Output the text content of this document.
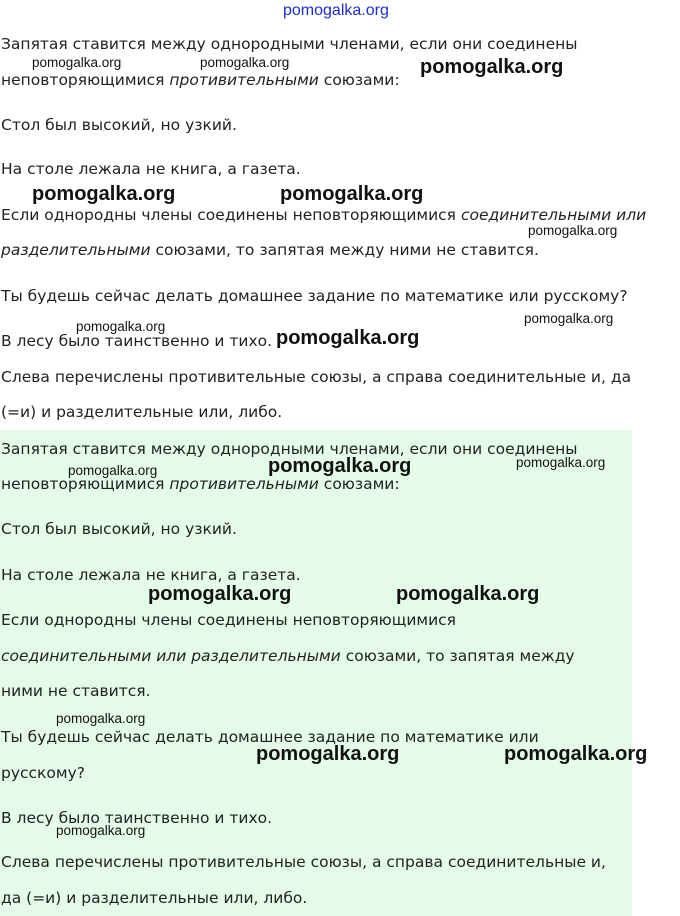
pomogalka.org

Запятая ставится между однородными членами, если они соединены

неповторяющимися противительными союзами:

Стол был высокий, но узкий.

На столе лежала не книга, а газета.

Если однородны члены соединены неповторяющимися соединительными или

разделительными союзами, то запятая между ними не ставится.

Ты будешь сейчас делать домашнее задание по математике или русскому?

В лесу было таинственно и тихо.

Слева перечислены противительные союзы, а справа соединительные и, да

(=и) и разделительные или, либо.

Запятая ставится между однородными членами, если они соединены

неповторяющимися противительными союзами:

Стол был высокий, но узкий.

На столе лежала не книга, а газета.

Если однородны члены соединены неповторяющимися

соединительными или разделительными союзами, то запятая между

ними не ставится.

Ты будешь сейчас делать домашнее задание по математике или

русскому?

В лесу было таинственно и тихо.

Слева перечислены противительные союзы, а справа соединительные и,

да (=и) и разделительные или, либо.

pomogalka.org	pomogalka.org	pomogalka.org
pomogalka.org	pomogalka.org
pomogalka.org
pomogalka.org
pomogalka.org
pomogalka.org
pomogalka.org
pomogalka.org	pomogalka.org
pomogalka.org	pomogalka.org
pomogalka.org
pomogalka.org	pomogalka.org
pomogalka.org
